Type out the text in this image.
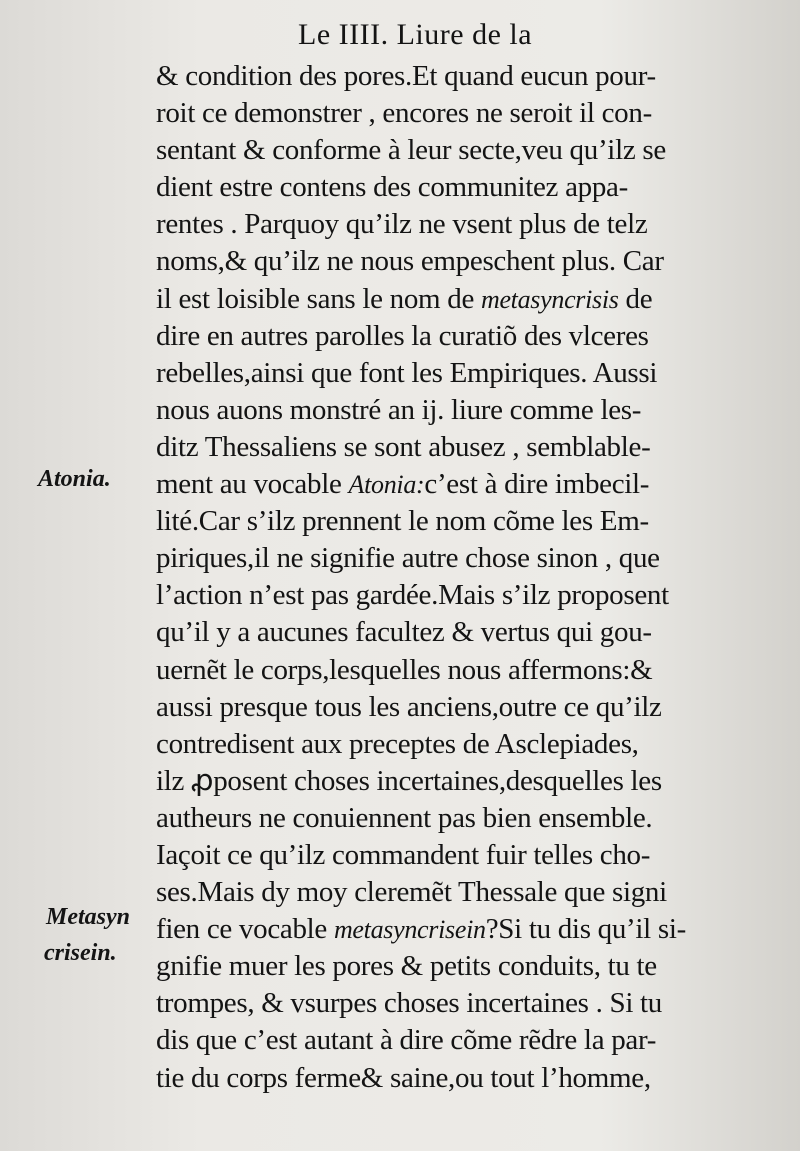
Le IIII. Liure de la
Atonia.
Metasyn
crisein.
& condition des pores.Et quand eucun pour-
roit ce demonstrer , encores ne seroit il con-
sentant & conforme à leur secte,veu qu’ilz se
dient estre contens des communitez appa-
rentes . Parquoy qu’ilz ne vsent plus de telz
noms,& qu’ilz ne nous empeschent plus. Car
il est loisible sans le nom de metasyncrisis de
dire en autres parolles la curatiõ des vlceres
rebelles,ainsi que font les Empiriques. Aussi
nous auons monstré an ij. liure comme les-
ditz Thessaliens se sont abusez , semblable-
ment au vocable Atonia:c’est à dire imbecil-
lité.Car s’ilz prennent le nom cõme les Em-
piriques,il ne signifie autre chose sinon , que
l’action n’est pas gardée.Mais s’ilz proposent
qu’il y a aucunes facultez & vertus qui gou-
uernẽt le corps,lesquelles nous affermons:&
aussi presque tous les anciens,outre ce qu’ilz
contredisent aux preceptes de Asclepiades,
ilz ꝓposent choses incertaines,desquelles les
autheurs ne conuiennent pas bien ensemble.
Iaçoit ce qu’ilz commandent fuir telles cho-
ses.Mais dy moy cleremẽt Thessale que signi
fien ce vocable metasyncrisein?Si tu dis qu’il si-
gnifie muer les pores & petits conduits, tu te
trompes, & vsurpes choses incertaines . Si tu
dis que c’est autant à dire cõme rẽdre la par-
tie du corps ferme& saine,ou tout l’homme,
